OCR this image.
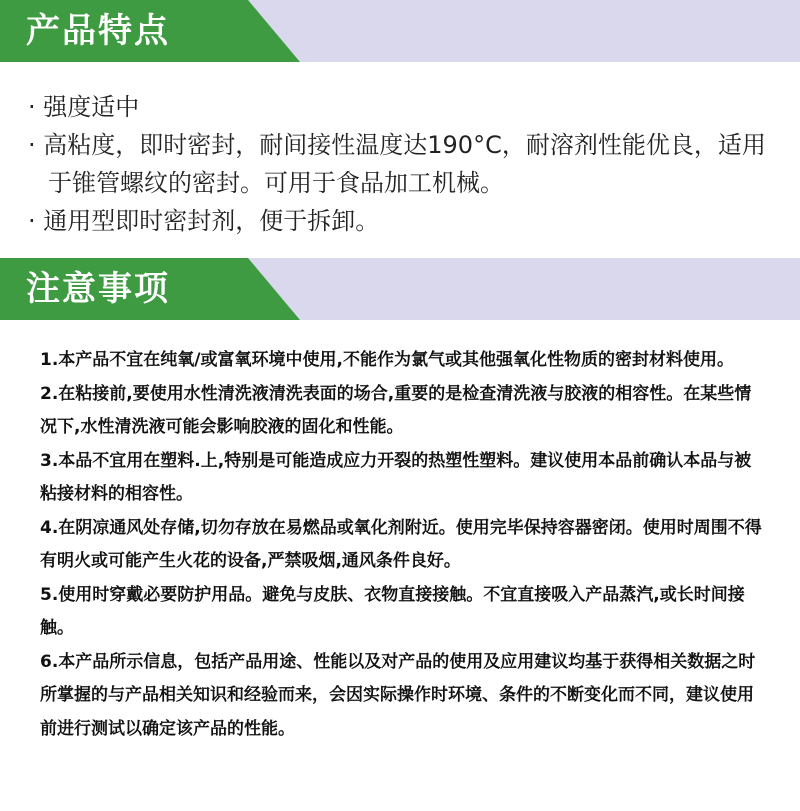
产品特点

· 强度适中

· 高粘度，即时密封，耐间接性温度达190°C，耐溶剂性能优良，适用于锥管螺纹的密封。可用于食品加工机械。

· 通用型即时密封剂，便于拆卸。

注意事项

1.本产品不宜在纯氧/或富氧环境中使用,不能作为氯气或其他强氧化性物质的密封材料使用。

2.在粘接前,要使用水性清洗液清洗表面的场合,重要的是检查清洗液与胶液的相容性。在某些情况下,水性清洗液可能会影响胶液的固化和性能。

3.本品不宜用在塑料.上,特别是可能造成应力开裂的热塑性塑料。建议使用本品前确认本品与被粘接材料的相容性。

4.在阴凉通风处存储,切勿存放在易燃品或氧化剂附近。使用完毕保持容器密闭。使用时周围不得有明火或可能产生火花的设备,严禁吸烟,通风条件良好。

5.使用时穿戴必要防护用品。避免与皮肤、衣物直接接触。不宜直接吸入产品蒸汽,或长时间接触。

6.本产品所示信息，包括产品用途、性能以及对产品的使用及应用建议均基于获得相关数据之时所掌握的与产品相关知识和经验而来，会因实际操作时环境、条件的不断变化而不同，建议使用前进行测试以确定该产品的性能。
